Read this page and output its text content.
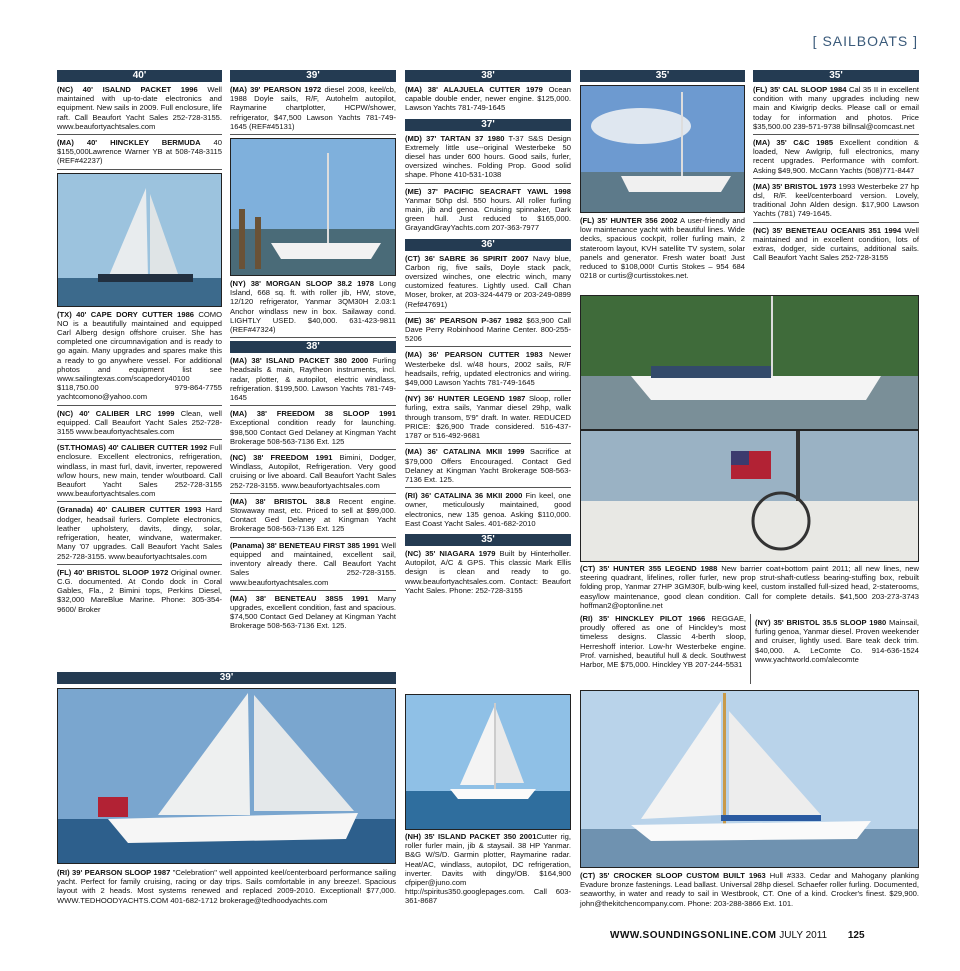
[ SAILBOATS ]
40'
(NC) 40' ISALND PACKET 1996 Well maintained with up-to-date electronics and equipment. New sails in 2009. Full enclosure, life raft. Call Beaufort Yacht Sales 252-728-3155. www.beaufortyachtsales.com
(MA) 40' HINCKLEY BERMUDA 40 $155,000Lawrence Warner YB at 508-748-3115 (REF#42237)
(TX) 40' CAPE DORY CUTTER 1986 COMO NO is a beautifully maintained and equipped Carl Alberg design offshore cruiser. She has completed one circumnavigation and is ready to go again. Many upgrades and spares make this a ready to go anywhere vessel. For additional photos and equipment list see www.sailingtexas.com/scapedory40100 $118,750.00 979-864-7755 yachtcomono@yahoo.com
(NC) 40' CALIBER LRC 1999 Clean, well equipped. Call Beaufort Yacht Sales 252-728-3155 www.beaufortyachtsales.com
(ST.THOMAS) 40' CALIBER CUTTER 1992 Full enclosure. Excellent electronics, refrigeration, windlass, in mast furl, davit, inverter, repowered w/low hours, new main, tender w/outboard. Call Beaufort Yacht Sales 252-728-3155 www.beaufortyachtsales.com
(Granada) 40' CALIBER CUTTER 1993 Hard dodger, headsail furlers. Complete electronics, leather upholstery, davits, dingy, solar, refrigeration, heater, windvane, watermaker. Many '07 upgrades. Call Beaufort Yacht Sales 252-728-3155. www.beaufortyachtsales.com
(FL) 40' BRISTOL SLOOP 1972 Original owner. C.G. documented. At Condo dock in Coral Gables, Fla., 2 Bimini tops, Perkins Diesel, $32,000 MareBlue Marine. Phone: 305-354-9600/ Broker
39'
(MA) 39' PEARSON 1972 diesel 2008, keel/cb, 1988 Doyle sails, R/F, Autohelm autopilot, Raymarine chartplotter, HCPW/shower, refrigerator, $47,500 Lawson Yachts 781-749-1645 (REF#45131)
(NY) 38' MORGAN SLOOP 38.2 1978 Long Island, 668 sq. ft. with roller jib, HW, stove, 12/120 refrigerator, Yanmar 3QM30H 2.03:1 Anchor windlass new in box. Sailaway cond. LIGHTLY USED. $40,000. 631-423-9811 (REF#47324)
38'
(MA) 38' ISLAND PACKET 380 2000 Furling headsails & main, Raytheon instruments, incl. radar, plotter, & autopilot, electric windlass, refrigeration. $199,500. Lawson Yachts 781-749-1645
(MA) 38' FREEDOM 38 SLOOP 1991 Exceptional condition ready for launching. $98,500 Contact Ged Delaney at Kingman Yacht Brokerage 508-563-7136 Ext. 125
(NC) 38' FREEDOM 1991 Bimini, Dodger, Windlass, Autopilot, Refrigeration. Very good cruising or live aboard. Call Beaufort Yacht Sales 252-728-3155. www.beaufortyachtsales.com
(MA) 38' BRISTOL 38.8 Recent engine. Stowaway mast, etc. Priced to sell at $99,000. Contact Ged Delaney at Kingman Yacht Brokerage 508-563-7136 Ext. 125
(Panama) 38' BENETEAU FIRST 385 1991 Well equipped and maintained, excellent sail, inventory already there. Call Beaufort Yacht Sales 252-728-3155. www.beaufortyachtsales.com
(MA) 38' BENETEAU 38S5 1991 Many upgrades, excellent condition, fast and spacious. $74,500 Contact Ged Delaney at Kingman Yacht Brokerage 508-563-7136 Ext. 125.
38'
(MA) 38' ALAJUELA CUTTER 1979 Ocean capable double ender, newer engine. $125,000. Lawson Yachts 781-749-1645
37'
(MD) 37' TARTAN 37 1980 T-37 S&S Design Extremely little use--original Westerbeke 50 diesel has under 600 hours. Good sails, furler, oversized winches. Folding Prop. Good solid shape. Phone 410-531-1038
(ME) 37' PACIFIC SEACRAFT YAWL 1998 Yanmar 50hp dsl. 550 hours. All roller furling main, jib and genoa. Cruising spinnaker, Dark green hull. Just reduced to $165,000. GrayandGrayYachts.com 207-363-7977
36'
(CT) 36' SABRE 36 SPIRIT 2007 Navy blue, Carbon rig, five sails, Doyle stack pack, oversized winches, one electric winch, many customized features. Lightly used. Call Chan Moser, broker, at 203-324-4479 or 203-249-0899 (Ref#47691)
(ME) 36' PEARSON P-367 1982 $63,900 Call Dave Perry Robinhood Marine Center. 800-255-5206
(MA) 36' PEARSON CUTTER 1983 Newer Westerbeke dsl. w/48 hours, 2002 sails, R/F headsails, refrig, updated electronics and wiring. $49,000 Lawson Yachts 781-749-1645
(NY) 36' HUNTER LEGEND 1987 Sloop, roller furling, extra sails, Yanmar diesel 29hp, walk through transom, 5'9" draft. In water. REDUCED PRICE: $26,900 Trade considered. 516-437-1787 or 516-492-9681
(MA) 36' CATALINA MKII 1999 Sacrifice at $79,000 Offers Encouraged. Contact Ged Delaney at Kingman Yacht Brokerage 508-563-7136 Ext. 125.
(RI) 36' CATALINA 36 MKII 2000 Fin keel, one owner, meticulously maintained, good electronics, new 135 genoa. Asking $110,000. East Coast Yacht Sales. 401-682-2010
35'
(NC) 35' NIAGARA 1979 Built by Hinterholler. Autopilot, A/C & GPS. This classic Mark Ellis design is clean and ready to go. www.beaufortyachtsales.com. Contact: Beaufort Yacht Sales. Phone: 252-728-3155
(NH) 35' ISLAND PACKET 350 2001Cutter rig, roller furler main, jib & staysail. 38 HP Yanmar. B&G W/S/D. Garmin plotter, Raymarine radar. Heat/AC, windlass, autopilot, DC refrigeration, inverter. Davits with dingy/OB. $164,900 cfpiper@juno.com http://spiritus350.googlepages.com. Call 603-361-8687
35'
(FL) 35' HUNTER 356 2002 A user-friendly and low maintenance yacht with beautiful lines. Wide decks, spacious cockpit, roller furling main, 2 stateroom layout, KVH satellite TV system, solar panels and generator. Fresh water boat! Just reduced to $108,000! Curtis Stokes – 954 684 0218 or curtis@curtisstokes.net.
35'
(FL) 35' CAL SLOOP 1984 Cal 35 II in excellent condition with many upgrades including new main and Kiwigrip decks. Please call or email today for information and photos. Price $35,500.00 239-571-9738 billnsal@comcast.net
(MA) 35' C&C 1985 Excellent condition & loaded, New Awlgrip, full electronics, many recent upgrades. Performance with comfort. Asking $49,900. McCann Yachts (508)771-8447
(MA) 35' BRISTOL 1973 1993 Westerbeke 27 hp dsl, R/F. keel/centerboard version. Lovely, traditional John Alden design. $17,900 Lawson Yachts (781) 749-1645.
(NC) 35' BENETEAU OCEANIS 351 1994 Well maintained and in excellent condition, lots of extras, dodger, side curtains, additional sails. Call Beaufort Yacht Sales 252-728-3155
(CT) 35' HUNTER 355 LEGEND 1988 New barrier coat+bottom paint 2011; all new lines, new steering quadrant, lifelines, roller furler, new prop strut-shaft-cutless bearing-stuffing box, rebuilt folding prop, Yanmar 27HP 3GM30F, bulb-wing keel, custom installed full-sized head, 2-staterooms, easy/low maintenance, good clean condition. Call for complete details. $41,500 203-273-3743 hoffman2@optonline.net
(RI) 35' HINCKLEY PILOT 1966 REGGAE, proudly offered as one of Hinckley's most timeless designs. Classic 4-berth sloop, Herreshoff interior. Low-hr Westerbeke engine. Prof. varnished, beautiful hull & deck. Southwest Harbor, ME $75,000. Hinckley YB 207-244-5531
(NY) 35' BRISTOL 35.5 SLOOP 1980 Mainsail, furling genoa, Yanmar diesel. Proven weekender and cruiser, lightly used. Bare teak deck trim. $40,000. A. LeComte Co. 914-636-1524 www.yachtworld.com/alecomte
39'
(RI) 39' PEARSON SLOOP 1987 "Celebration" well appointed keel/centerboard performance sailing yacht. Perfect for family cruising, racing or day trips. Sails comfortable in any breeze!. Spacious layout with 2 heads. Most systems renewed and replaced 2009-2010. Exceptional! $77,000. WWW.TEDHOODYACHTS.COM 401-682-1712 brokerage@tedhoodyachts.com
(CT) 35' CROCKER SLOOP CUSTOM BUILT 1963 Hull #333. Cedar and Mahogany planking Evadure bronze fastenings. Lead ballast. Universal 28hp diesel. Schaefer roller furling. Documented, seaworthy, in water and ready to sail in Westbrook, CT. One of a kind. Crocker's finest. $29,900. john@thekitchencompany.com. Phone: 203-288-3866 Ext. 101.
WWW.SOUNDINGSONLINE.COM JULY 2011 125
